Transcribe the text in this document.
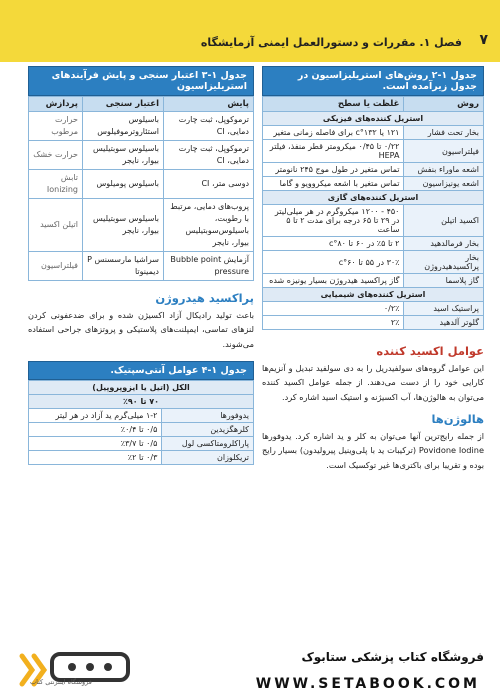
۷
فصل ۱. مقررات و دستورالعمل ایمنی آزمایشگاه
جدول ۱-۲ روش‌های استریلیزاسیون در جدول زیرآمده است.
روش	غلظت یا سطح
استریل کننده‌های فیزیکی	
بخار تحت فشار	۱۲۱ یا ۱۳۲°c برای فاصله زمانی متغیر
فیلتراسیون	۰/۲۲ تا ۰/۴۵ میکرومتر قطر منفذ، فیلتر HEPA
اشعه ماوراء بنفش	تماس متغیر در طول موج ۲۴۵ نانومتر
اشعه یونیزاسیون	تماس متغیر با اشعه میکروویو و گاما
استریل کننده‌های گازی	
اکسید اتیلن	۴۵۰ - ۱۲۰۰ میکروگرم در هر میلی‌لیتر در ۲۹ تا ۶۵ درجه برای مدت ۲ تا ۵ ساعت
بخار فرمالدهید	۲ تا ۵٪ در ۶۰ تا ۸۰°c
بخار پراکسیدهیدروژن	۳۰٪ در ۵۵ تا ۶۰°c
گاز پلاسما	گاز پراکسید هیدروژن بسیار یونیزه شده
استریل کننده‌های شیمیایی	
پراستیک اسید	۰/۲٪
گلوتر آلدهید	۲٪
عوامل اکسید کننده

این عوامل گروه‌های سولفیدریل را به دی سولفید تبدیل و آنزیم‌ها کارایی خود را از دست می‌دهند. از جمله عوامل اکسید کننده می‌توان به هالوژن‌ها، آب اکسیژنه و استیک اسید اشاره کرد.

هالوژن‌ها

از جمله رایج‌ترین آنها می‌توان به کلر و ید اشاره کرد. یدوفورها Povidone Iodine (ترکیبات ید با پلی‌وینیل پیرولیدون) بسیار رایج بوده و تقریبا برای باکتری‌ها غیر توکسیک است.

جدول ۱-۳ اعتبار سنجی و پایش فرآیندهای استریلیزاسیون
پایش	اعتبار سنجی	پردازش
ترموکوپل، ثبت چارت دمایی، CI	باسیلوس استئاروترموفیلوس	حرارت مرطوب
ترموکوپل، ثبت چارت دمایی، CI	باسیلوس سوبتیلیس بیوار، نایجر	حرارت خشک
دوسی متر، CI	باسیلوس پومیلوس	تابش Ionizing
پروب‌های دمایی، مرتبط با رطوبت، باسیلوس‌سوبتیلیس بیوار، نایجر	باسیلوس سوبتیلیس بیوار، نایجر	اتیلن اکسید
آزمایش Bubble point pressure	سراشیا مارسسنس P دیمینوتا	فیلتراسیون
پراکسید هیدروژن

باعث تولید رادیکال آزاد اکسیژن شده و برای ضدعفونی کردن لنزهای تماسی، ایمپلنت‌های پلاستیکی و پروتزهای جراحی استفاده می‌شوند.

جدول ۱-۴ عوامل آنتی‌سپتیک.
الکل (اتیل یا ایزوپروپیل)	
۷۰ تا ۹۰٪	
یدوفورها	۱-۲ میلی‌گرم ید آزاد در هر لیتر
کلرهگزیدین	۰/۵ تا ۰/۴٪
پاراکلرومتاکسی لول	۰/۵ تا ۳/۷٪
تریکلوزان	۰/۳ تا ۲٪
فروشگاه اینترنتی کتاب
فروشگاه کتاب پزشکی ستابوک
WWW.SETABOOK.COM
